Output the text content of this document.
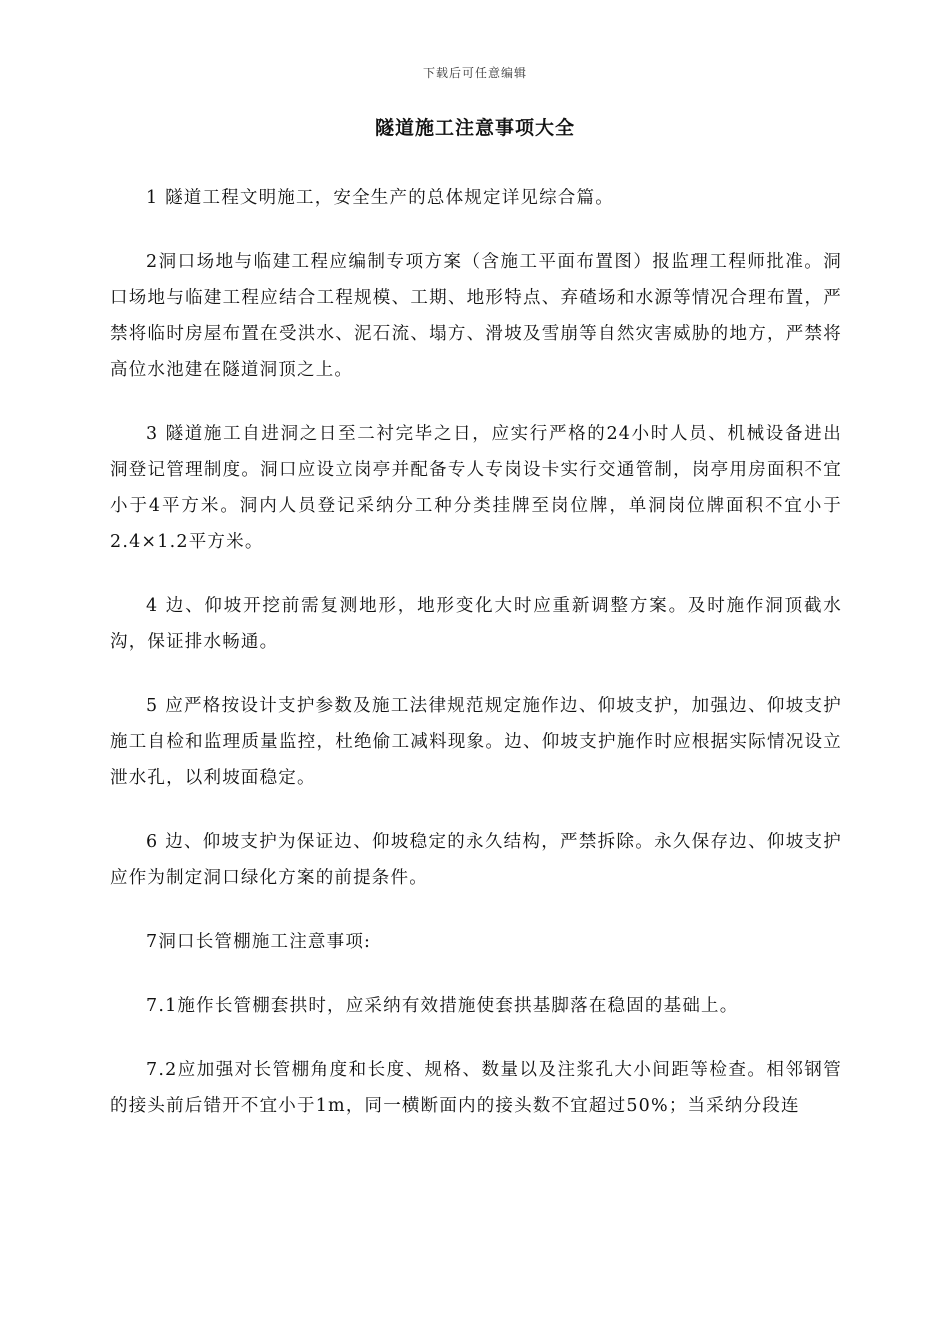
下载后可任意编辑
隧道施工注意事项大全

1 隧道工程文明施工，安全生产的总体规定详见综合篇。

2洞口场地与临建工程应编制专项方案（含施工平面布置图）报监理工程师批准。洞口场地与临建工程应结合工程规模、工期、地形特点、弃碴场和水源等情况合理布置，严禁将临时房屋布置在受洪水、泥石流、塌方、滑坡及雪崩等自然灾害威胁的地方，严禁将高位水池建在隧道洞顶之上。

3 隧道施工自进洞之日至二衬完毕之日，应实行严格的24小时人员、机械设备进出洞登记管理制度。洞口应设立岗亭并配备专人专岗设卡实行交通管制，岗亭用房面积不宜小于4平方米。洞内人员登记采纳分工种分类挂牌至岗位牌，单洞岗位牌面积不宜小于2.4×1.2平方米。

4 边、仰坡开挖前需复测地形，地形变化大时应重新调整方案。及时施作洞顶截水沟，保证排水畅通。

5 应严格按设计支护参数及施工法律规范规定施作边、仰坡支护，加强边、仰坡支护施工自检和监理质量监控，杜绝偷工减料现象。边、仰坡支护施作时应根据实际情况设立泄水孔，以利坡面稳定。

6 边、仰坡支护为保证边、仰坡稳定的永久结构，严禁拆除。永久保存边、仰坡支护应作为制定洞口绿化方案的前提条件。

7洞口长管棚施工注意事项:

7.1施作长管棚套拱时，应采纳有效措施使套拱基脚落在稳固的基础上。

7.2应加强对长管棚角度和长度、规格、数量以及注浆孔大小间距等检查。相邻钢管的接头前后错开不宜小于1m，同一横断面内的接头数不宜超过50%；当采纳分段连
